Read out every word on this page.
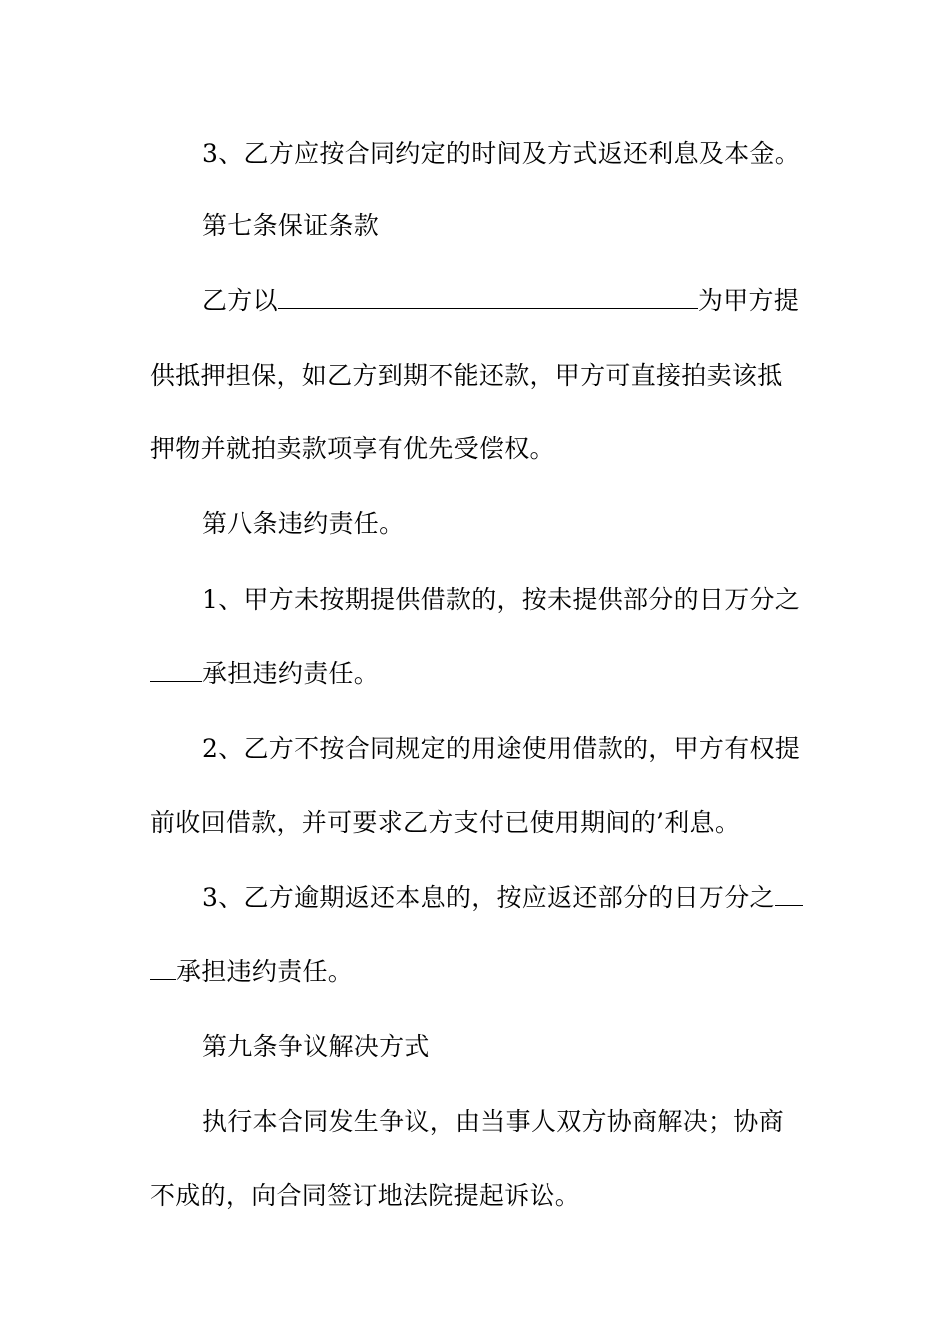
3、乙方应按合同约定的时间及方式返还利息及本金。
第七条保证条款
乙方以	为甲方提
供抵押担保，如乙方到期不能还款，甲方可直接拍卖该抵
押物并就拍卖款项享有优先受偿权。
第八条违约责任。
1、甲方未按期提供借款的，按未提供部分的日万分之
承担违约责任。
2、乙方不按合同规定的用途使用借款的，甲方有权提
前收回借款，并可要求乙方支付已使用期间的’利息。
3、乙方逾期返还本息的，按应返还部分的日万分之
承担违约责任。
第九条争议解决方式
执行本合同发生争议，由当事人双方协商解决；协商
不成的，向合同签订地法院提起诉讼。
